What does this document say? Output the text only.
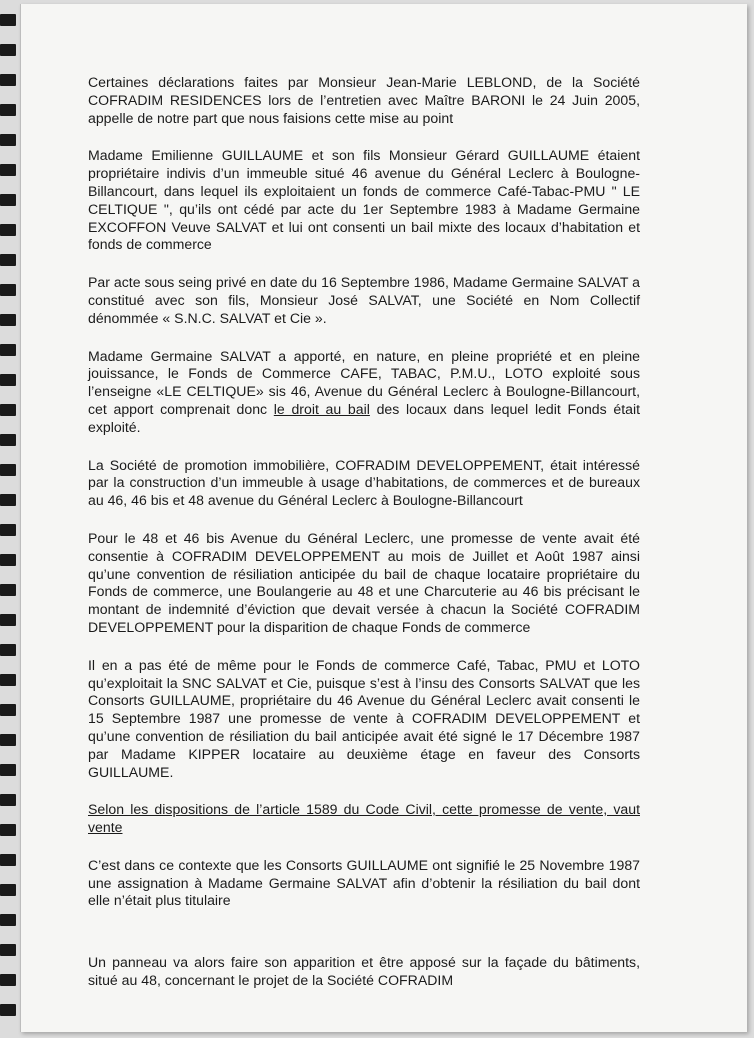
Certaines déclarations faites par Monsieur Jean-Marie LEBLOND, de la Société COFRADIM RESIDENCES lors de l’entretien avec Maître BARONI le 24 Juin 2005, appelle de notre part que nous faisions cette mise au point

Madame Emilienne GUILLAUME et son fils Monsieur Gérard GUILLAUME étaient propriétaire indivis d’un immeuble situé 46 avenue du Général Leclerc à Boulogne-Billancourt, dans lequel ils exploitaient un fonds de commerce Café-Tabac-PMU " LE CELTIQUE ", qu’ils ont cédé par acte du 1er Septembre 1983 à Madame Germaine EXCOFFON Veuve SALVAT et lui ont consenti un bail mixte des locaux d’habitation et fonds de commerce

Par acte sous seing privé en date du 16 Septembre 1986, Madame Germaine SALVAT a constitué avec son fils, Monsieur José SALVAT, une Société en Nom Collectif dénommée « S.N.C. SALVAT et Cie ».

Madame Germaine SALVAT a apporté, en nature, en pleine propriété et en pleine jouissance, le Fonds de Commerce CAFE, TABAC, P.M.U., LOTO exploité sous l’enseigne «LE CELTIQUE» sis 46, Avenue du Général Leclerc à Boulogne-Billancourt, cet apport comprenait donc le droit au bail des locaux dans lequel ledit Fonds était exploité.

La Société de promotion immobilière, COFRADIM DEVELOPPEMENT, était intéressé par la construction d’un immeuble à usage d’habitations, de commerces et de bureaux au 46, 46 bis et 48 avenue du Général Leclerc à Boulogne-Billancourt

Pour le 48 et 46 bis Avenue du Général Leclerc, une promesse de vente avait été consentie à COFRADIM DEVELOPPEMENT au mois de Juillet et Août 1987 ainsi qu’une convention de résiliation anticipée du bail de chaque locataire propriétaire du Fonds de commerce, une Boulangerie au 48 et une Charcuterie au 46 bis précisant le montant de indemnité d’éviction que devait versée à chacun la Société COFRADIM DEVELOPPEMENT pour la disparition de chaque Fonds de commerce

Il en a pas été de même pour le Fonds de commerce Café, Tabac, PMU et LOTO qu’exploitait la SNC SALVAT et Cie, puisque s’est à l’insu des Consorts SALVAT que les Consorts GUILLAUME, propriétaire du 46 Avenue du Général Leclerc avait consenti le 15 Septembre 1987 une promesse de vente à COFRADIM DEVELOPPEMENT et qu’une convention de résiliation du bail anticipée avait été signé le 17 Décembre 1987 par Madame KIPPER locataire au deuxième étage en faveur des Consorts GUILLAUME.

Selon les dispositions de l’article 1589 du Code Civil, cette promesse de vente, vaut vente

C’est dans ce contexte que les Consorts GUILLAUME ont signifié le 25 Novembre 1987 une assignation à Madame Germaine SALVAT afin d’obtenir la résiliation du bail dont elle n’était plus titulaire

Un panneau va alors faire son apparition et être apposé sur la façade du bâtiments, situé au 48, concernant le projet de la Société COFRADIM
